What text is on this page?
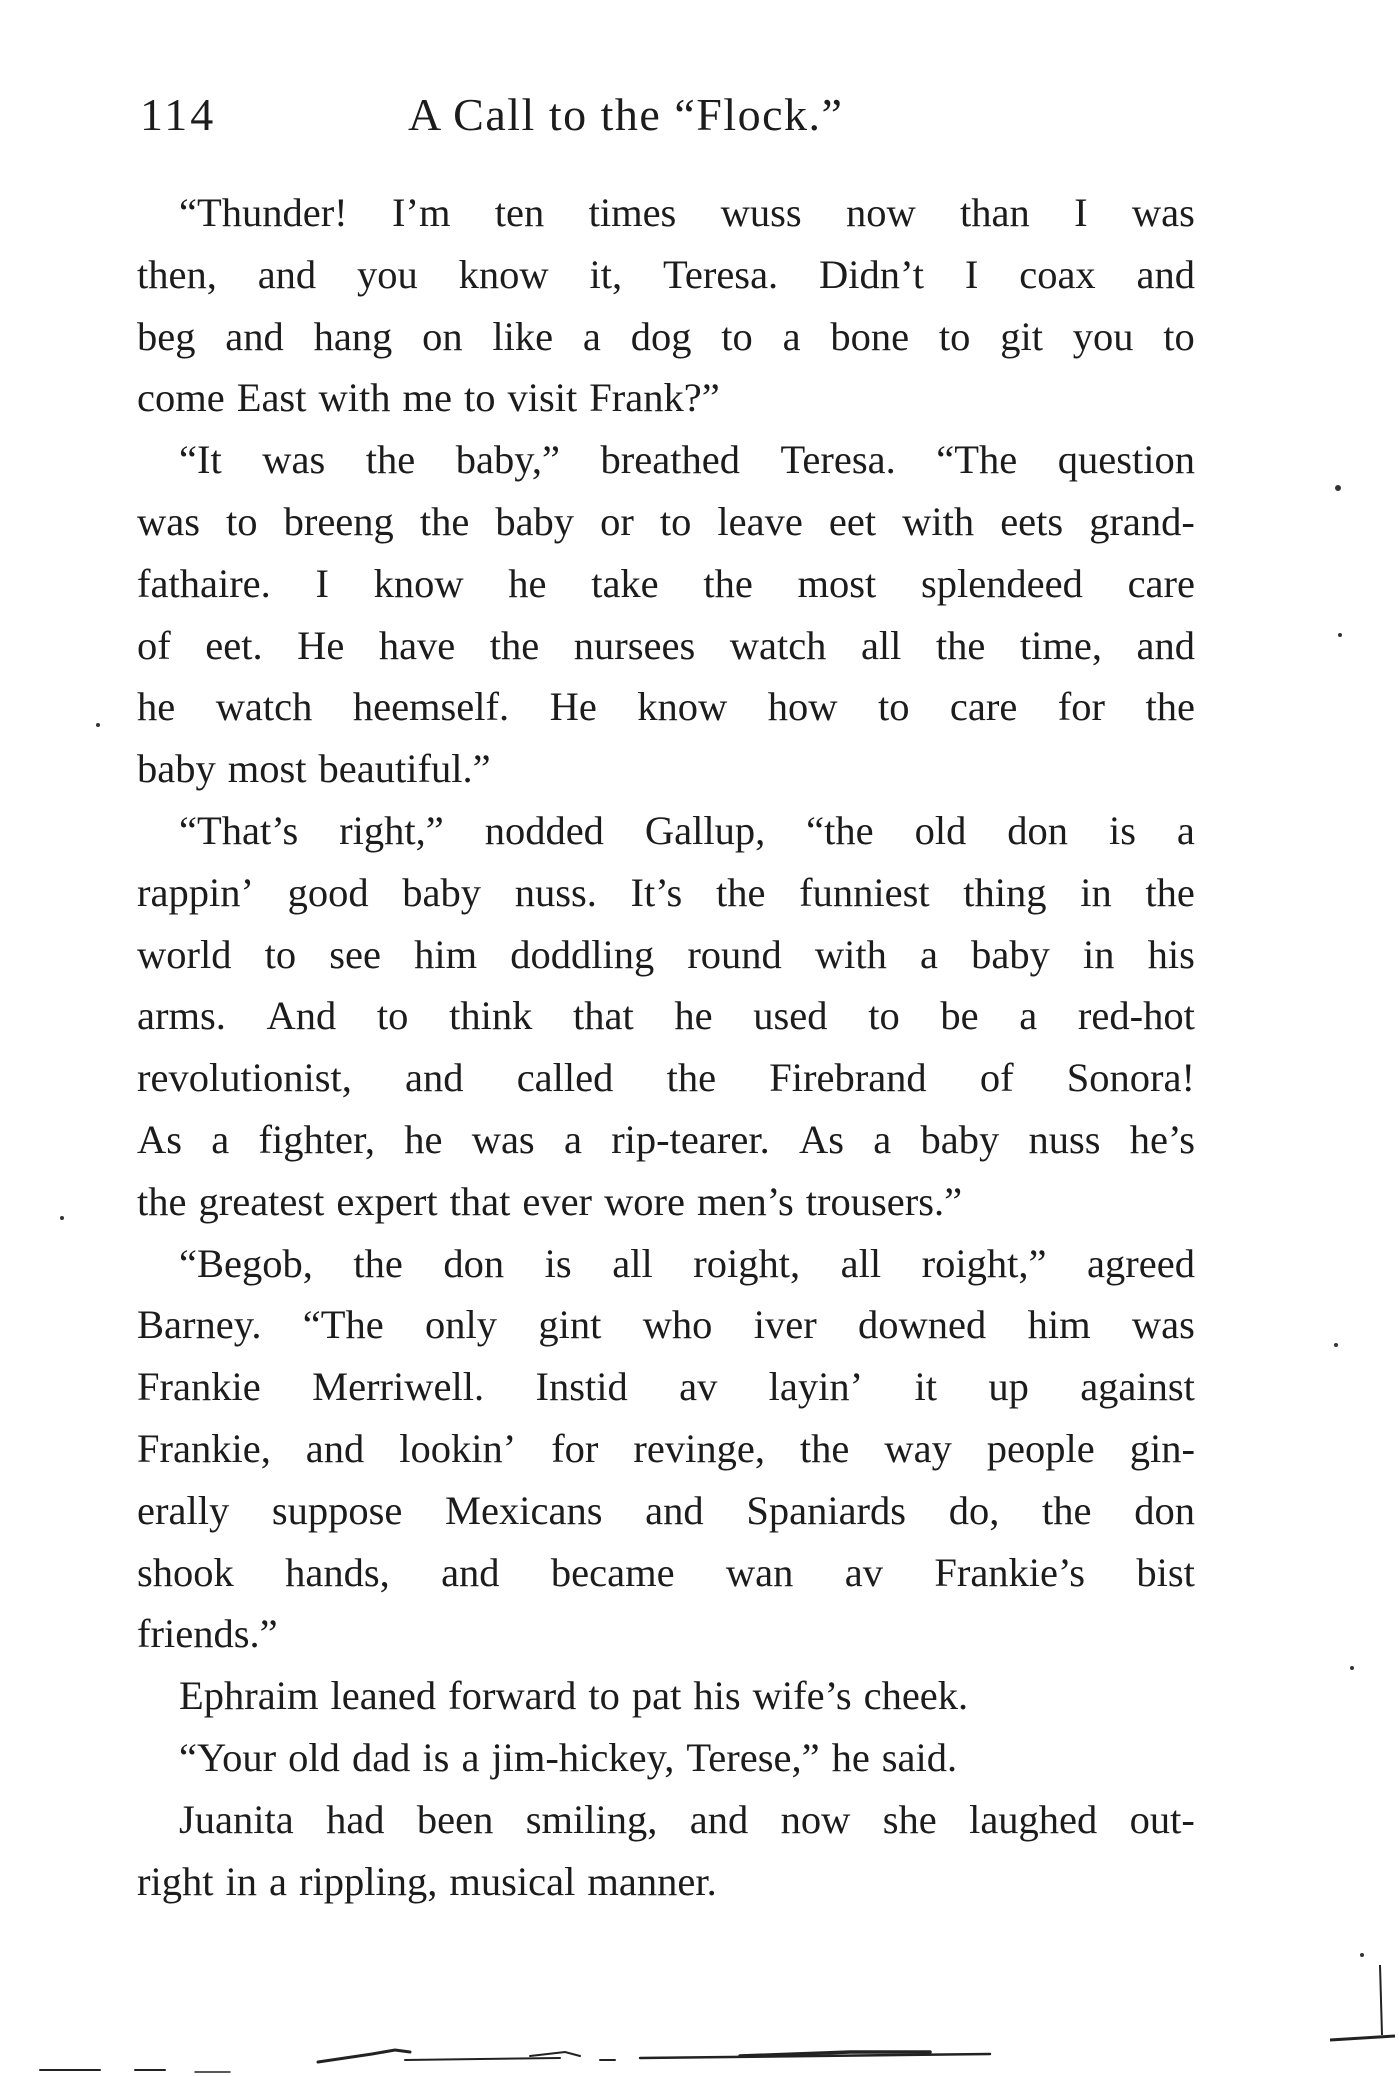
114	A Call to the “Flock.”
“Thunder! I’m ten times wuss now than I was
then, and you know it, Teresa. Didn’t I coax and
beg and hang on like a dog to a bone to git you to
come East with me to visit Frank?”
“It was the baby,” breathed Teresa. “The question
was to breeng the baby or to leave eet with eets grand-
fathaire. I know he take the most splendeed care
of eet. He have the nursees watch all the time, and
he watch heemself. He know how to care for the
baby most beautiful.”
“That’s right,” nodded Gallup, “the old don is a
rappin’ good baby nuss. It’s the funniest thing in the
world to see him doddling round with a baby in his
arms. And to think that he used to be a red-hot
revolutionist, and called the Firebrand of Sonora!
As a fighter, he was a rip-tearer. As a baby nuss he’s
the greatest expert that ever wore men’s trousers.”
“Begob, the don is all roight, all roight,” agreed
Barney. “The only gint who iver downed him was
Frankie Merriwell. Instid av layin’ it up against
Frankie, and lookin’ for revinge, the way people gin-
erally suppose Mexicans and Spaniards do, the don
shook hands, and became wan av Frankie’s bist
friends.”
Ephraim leaned forward to pat his wife’s cheek.
“Your old dad is a jim-hickey, Terese,” he said.
Juanita had been smiling, and now she laughed out-
right in a rippling, musical manner.
